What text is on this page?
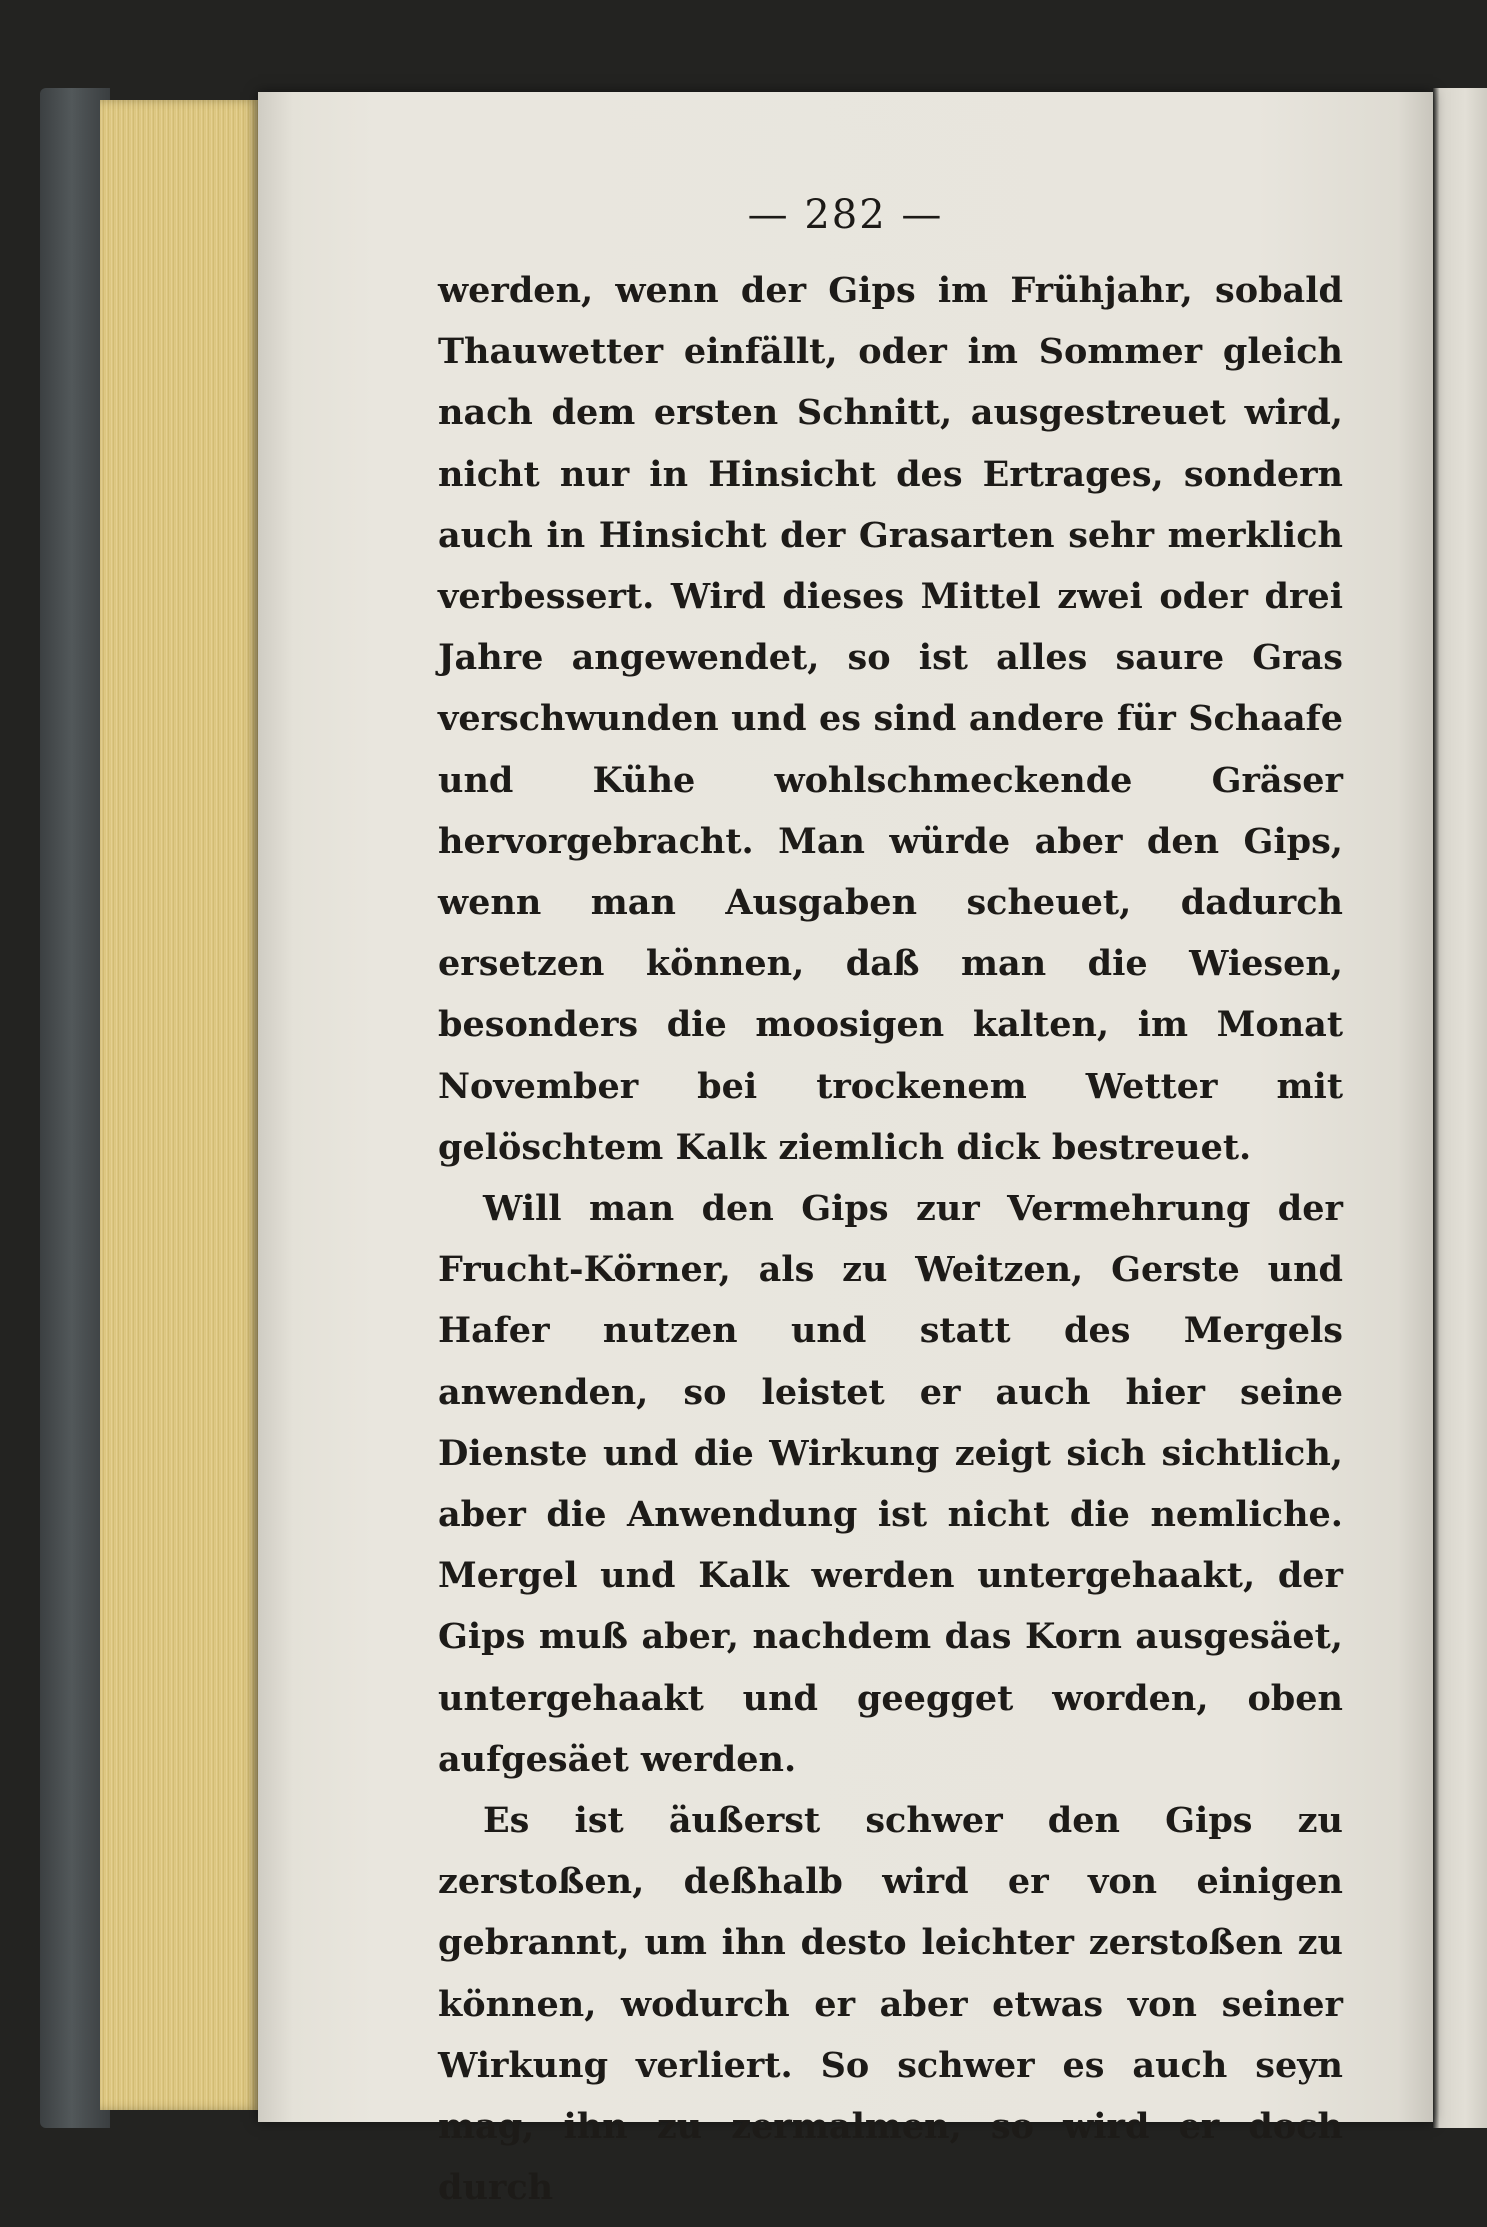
— 282 —

werden, wenn der Gips im Frühjahr, sobald Thauwetter einfällt, oder im Sommer gleich nach dem ersten Schnitt, ausgestreuet wird, nicht nur in Hinsicht des Ertrages, sondern auch in Hinsicht der Grasarten sehr merklich verbessert. Wird dieses Mittel zwei oder drei Jahre angewendet, so ist alles saure Gras verschwunden und es sind andere für Schaafe und Kühe wohlschmeckende Gräser hervorgebracht. Man würde aber den Gips, wenn man Ausgaben scheuet, dadurch ersetzen können, daß man die Wiesen, besonders die moosigen kalten, im Monat November bei trockenem Wetter mit gelöschtem Kalk ziemlich dick bestreuet.

Will man den Gips zur Vermehrung der Frucht-Körner, als zu Weitzen, Gerste und Hafer nutzen und statt des Mergels anwenden, so leistet er auch hier seine Dienste und die Wirkung zeigt sich sichtlich, aber die Anwendung ist nicht die nemliche. Mergel und Kalk werden untergehaakt, der Gips muß aber, nachdem das Korn ausgesäet, untergehaakt und geegget worden, oben aufgesäet werden.

Es ist äußerst schwer den Gips zu zerstoßen, deßhalb wird er von einigen gebrannt, um ihn desto leichter zerstoßen zu können, wodurch er aber etwas von seiner Wirkung verliert. So schwer es auch seyn mag, ihn zu zermalmen, so wird er doch durch
